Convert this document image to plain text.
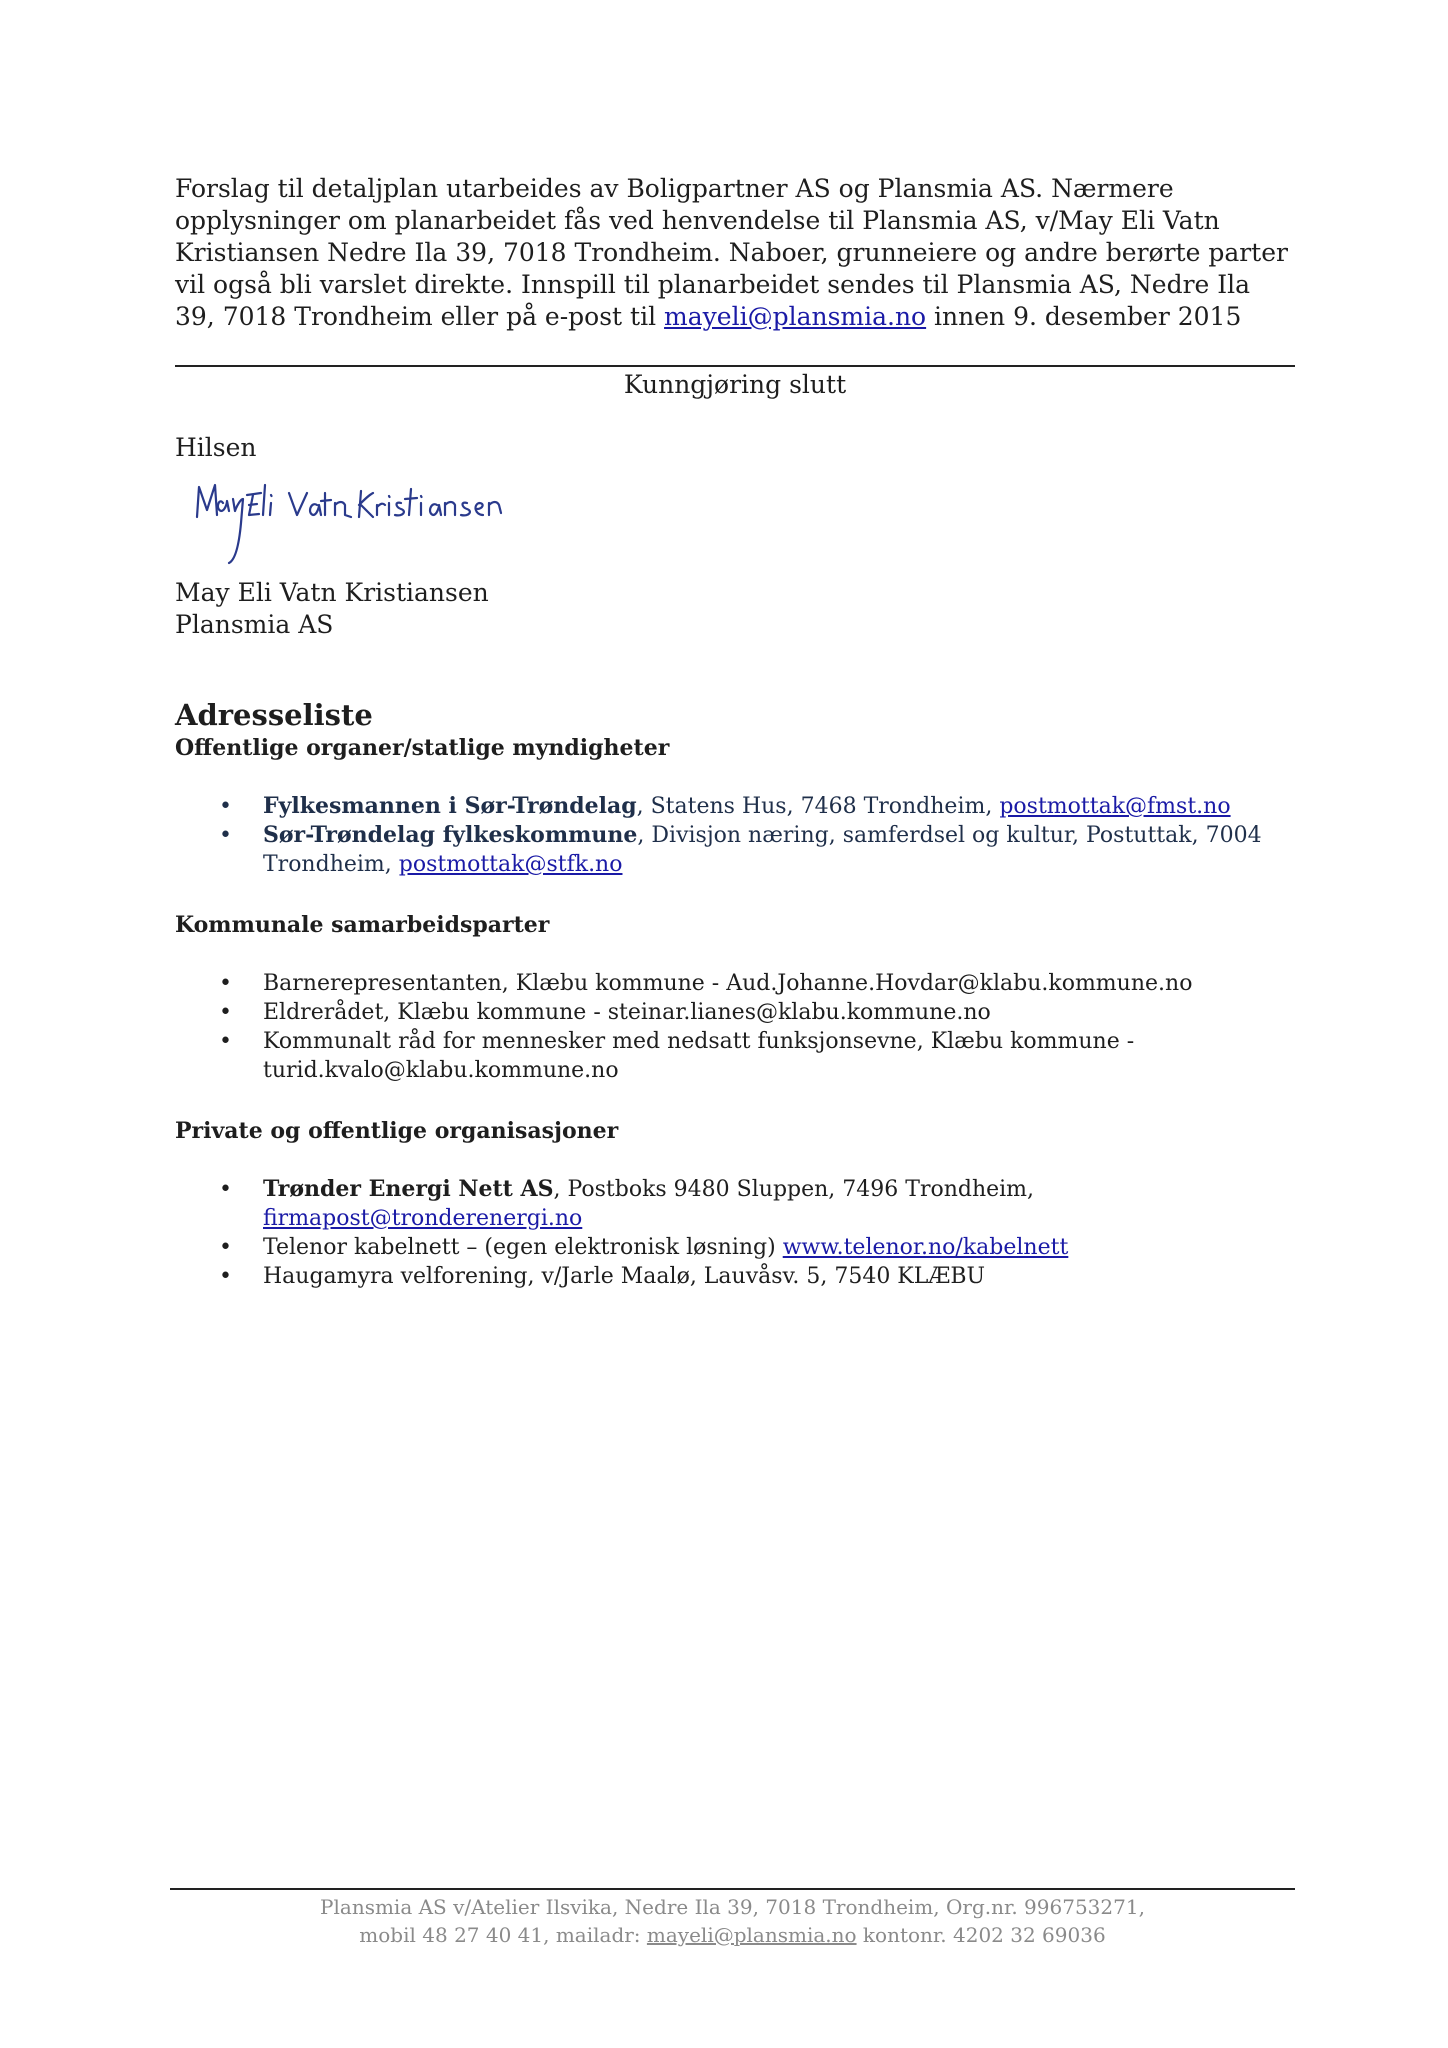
Forslag til detaljplan utarbeides av Boligpartner AS og Plansmia AS. Nærmere opplysninger om planarbeidet fås ved henvendelse til Plansmia AS, v/May Eli Vatn Kristiansen Nedre Ila 39, 7018 Trondheim. Naboer, grunneiere og andre berørte parter vil også bli varslet direkte. Innspill til planarbeidet sendes til Plansmia AS, Nedre Ila 39, 7018 Trondheim eller på e-post til mayeli@plansmia.no innen 9. desember 2015

Kunngjøring slutt

Hilsen

May Eli Vatn Kristiansen

Plansmia AS

Adresseliste
Offentlige organer/statlige myndigheter
• Fylkesmannen i Sør-Trøndelag, Statens Hus, 7468 Trondheim, postmottak@fmst.no
• Sør-Trøndelag fylkeskommune, Divisjon næring, samferdsel og kultur, Postuttak, 7004 Trondheim, postmottak@stfk.no
Kommunale samarbeidsparter
• Barnerepresentanten, Klæbu kommune - Aud.Johanne.Hovdar@klabu.kommune.no
• Eldrerådet, Klæbu kommune - steinar.lianes@klabu.kommune.no
• Kommunalt råd for mennesker med nedsatt funksjonsevne, Klæbu kommune - turid.kvalo@klabu.kommune.no
Private og offentlige organisasjoner
• Trønder Energi Nett AS, Postboks 9480 Sluppen, 7496 Trondheim, firmapost@tronderenergi.no
• Telenor kabelnett – (egen elektronisk løsning) www.telenor.no/kabelnett
• Haugamyra velforening, v/Jarle Maalø, Lauvåsv. 5, 7540 KLÆBU
Plansmia AS v/Atelier Ilsvika, Nedre Ila 39, 7018 Trondheim, Org.nr. 996753271,
mobil 48 27 40 41, mailadr: mayeli@plansmia.no kontonr. 4202 32 69036
